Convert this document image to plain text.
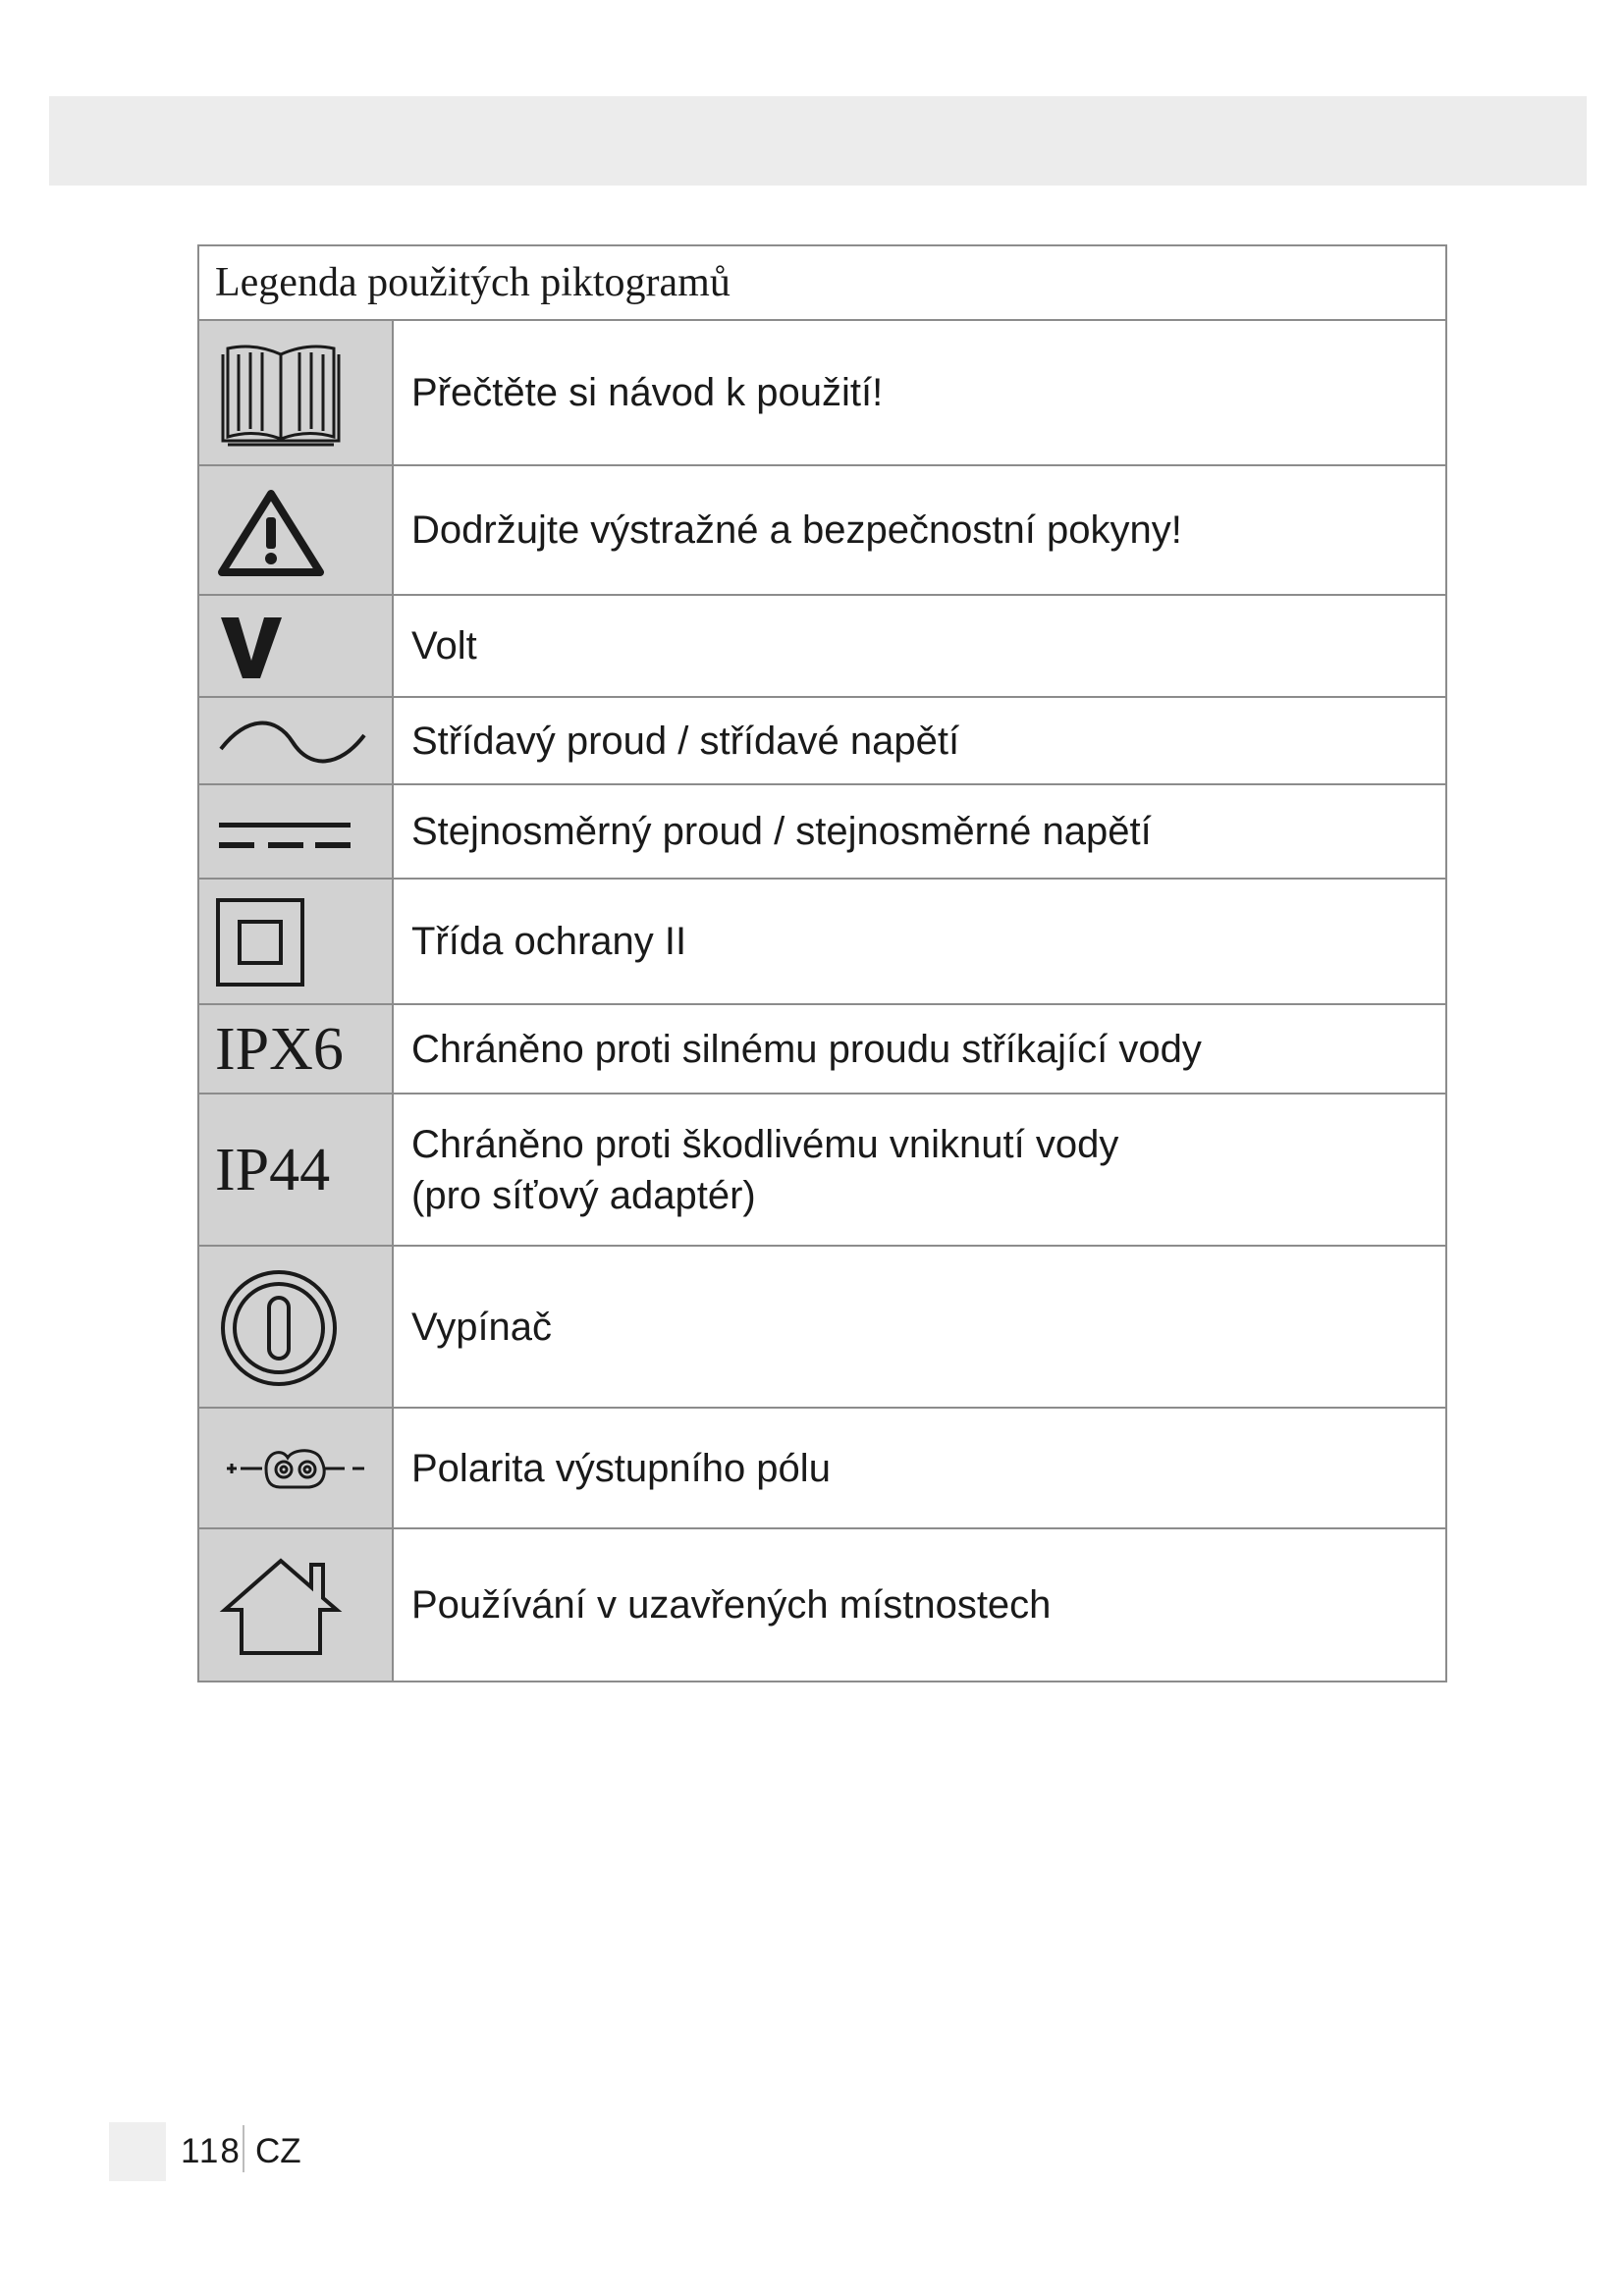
Legenda použitých piktogramů	

	Přečtěte si návod k použití!

	Dodržujte výstražné a bezpečnostní pokyny!

	Volt

	Střídavý proud / střídavé napětí

	Stejnosměrný proud / stejnosměrné napětí

	Třída ochrany II

IPX6	Chráněno proti silnému proudu stříkající vody

IP44	Chráněno proti škodlivému vniknutí vody
(pro síťový adaptér)

	Vypínač

	Polarita výstupního pólu

	Používání v uzavřených místnostech
118 CZ
